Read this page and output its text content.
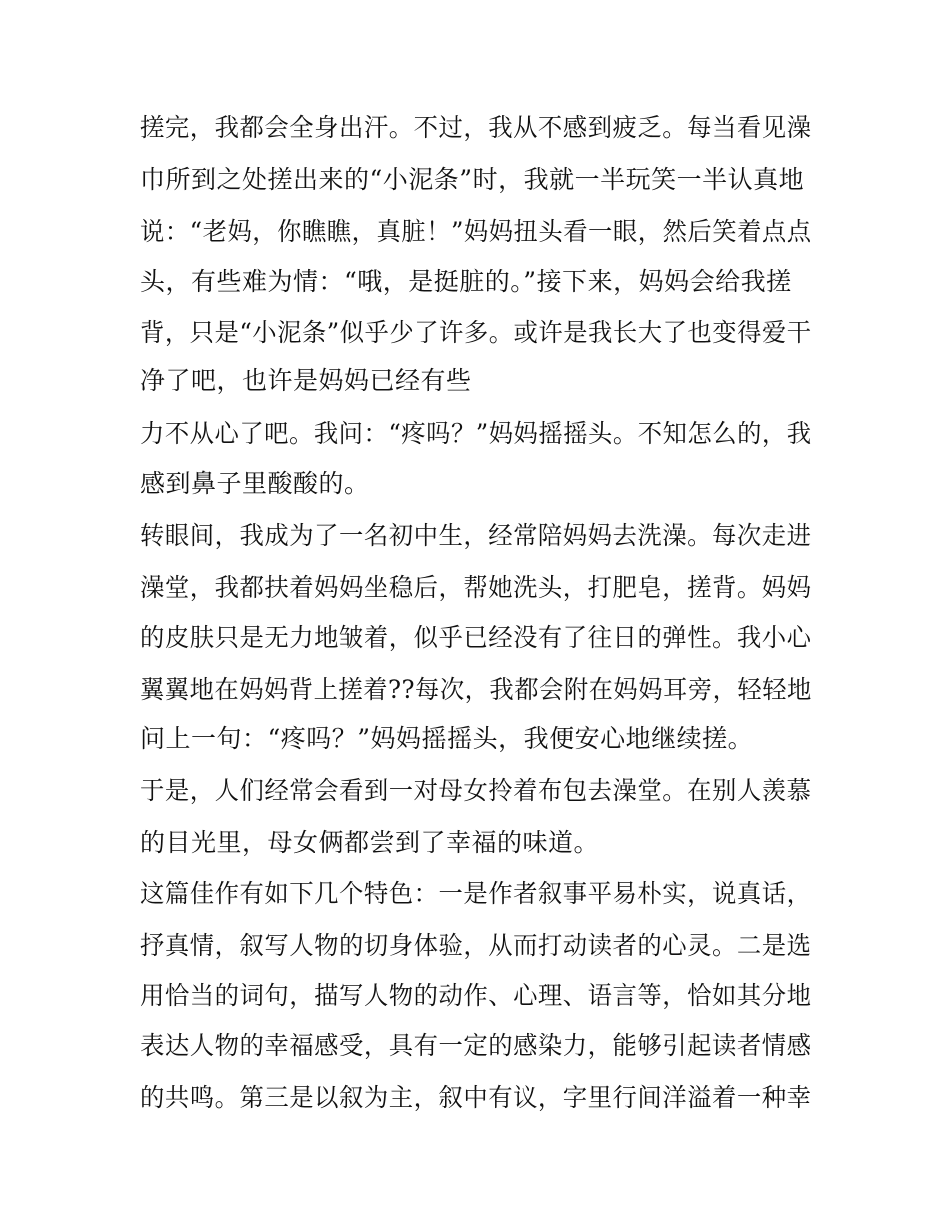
搓完，我都会全身出汗。不过，我从不感到疲乏。每当看见澡
巾所到之处搓出来的“小泥条”时，我就一半玩笑一半认真地
说：“老妈，你瞧瞧，真脏！”妈妈扭头看一眼，然后笑着点点
头，有些难为情：“哦，是挺脏的。”接下来，妈妈会给我搓
背，只是“小泥条”似乎少了许多。或许是我长大了也变得爱干
净了吧，也许是妈妈已经有些
力不从心了吧。我问：“疼吗？”妈妈摇摇头。不知怎么的，我
感到鼻子里酸酸的。
转眼间，我成为了一名初中生，经常陪妈妈去洗澡。每次走进
澡堂，我都扶着妈妈坐稳后，帮她洗头，打肥皂，搓背。妈妈
的皮肤只是无力地皱着，似乎已经没有了往日的弹性。我小心
翼翼地在妈妈背上搓着??每次，我都会附在妈妈耳旁，轻轻地
问上一句：“疼吗？”妈妈摇摇头，我便安心地继续搓。
于是，人们经常会看到一对母女拎着布包去澡堂。在别人羡慕
的目光里，母女俩都尝到了幸福的味道。
这篇佳作有如下几个特色：一是作者叙事平易朴实，说真话，
抒真情，叙写人物的切身体验，从而打动读者的心灵。二是选
用恰当的词句，描写人物的动作、心理、语言等，恰如其分地
表达人物的幸福感受，具有一定的感染力，能够引起读者情感
的共鸣。第三是以叙为主，叙中有议，字里行间洋溢着一种幸
